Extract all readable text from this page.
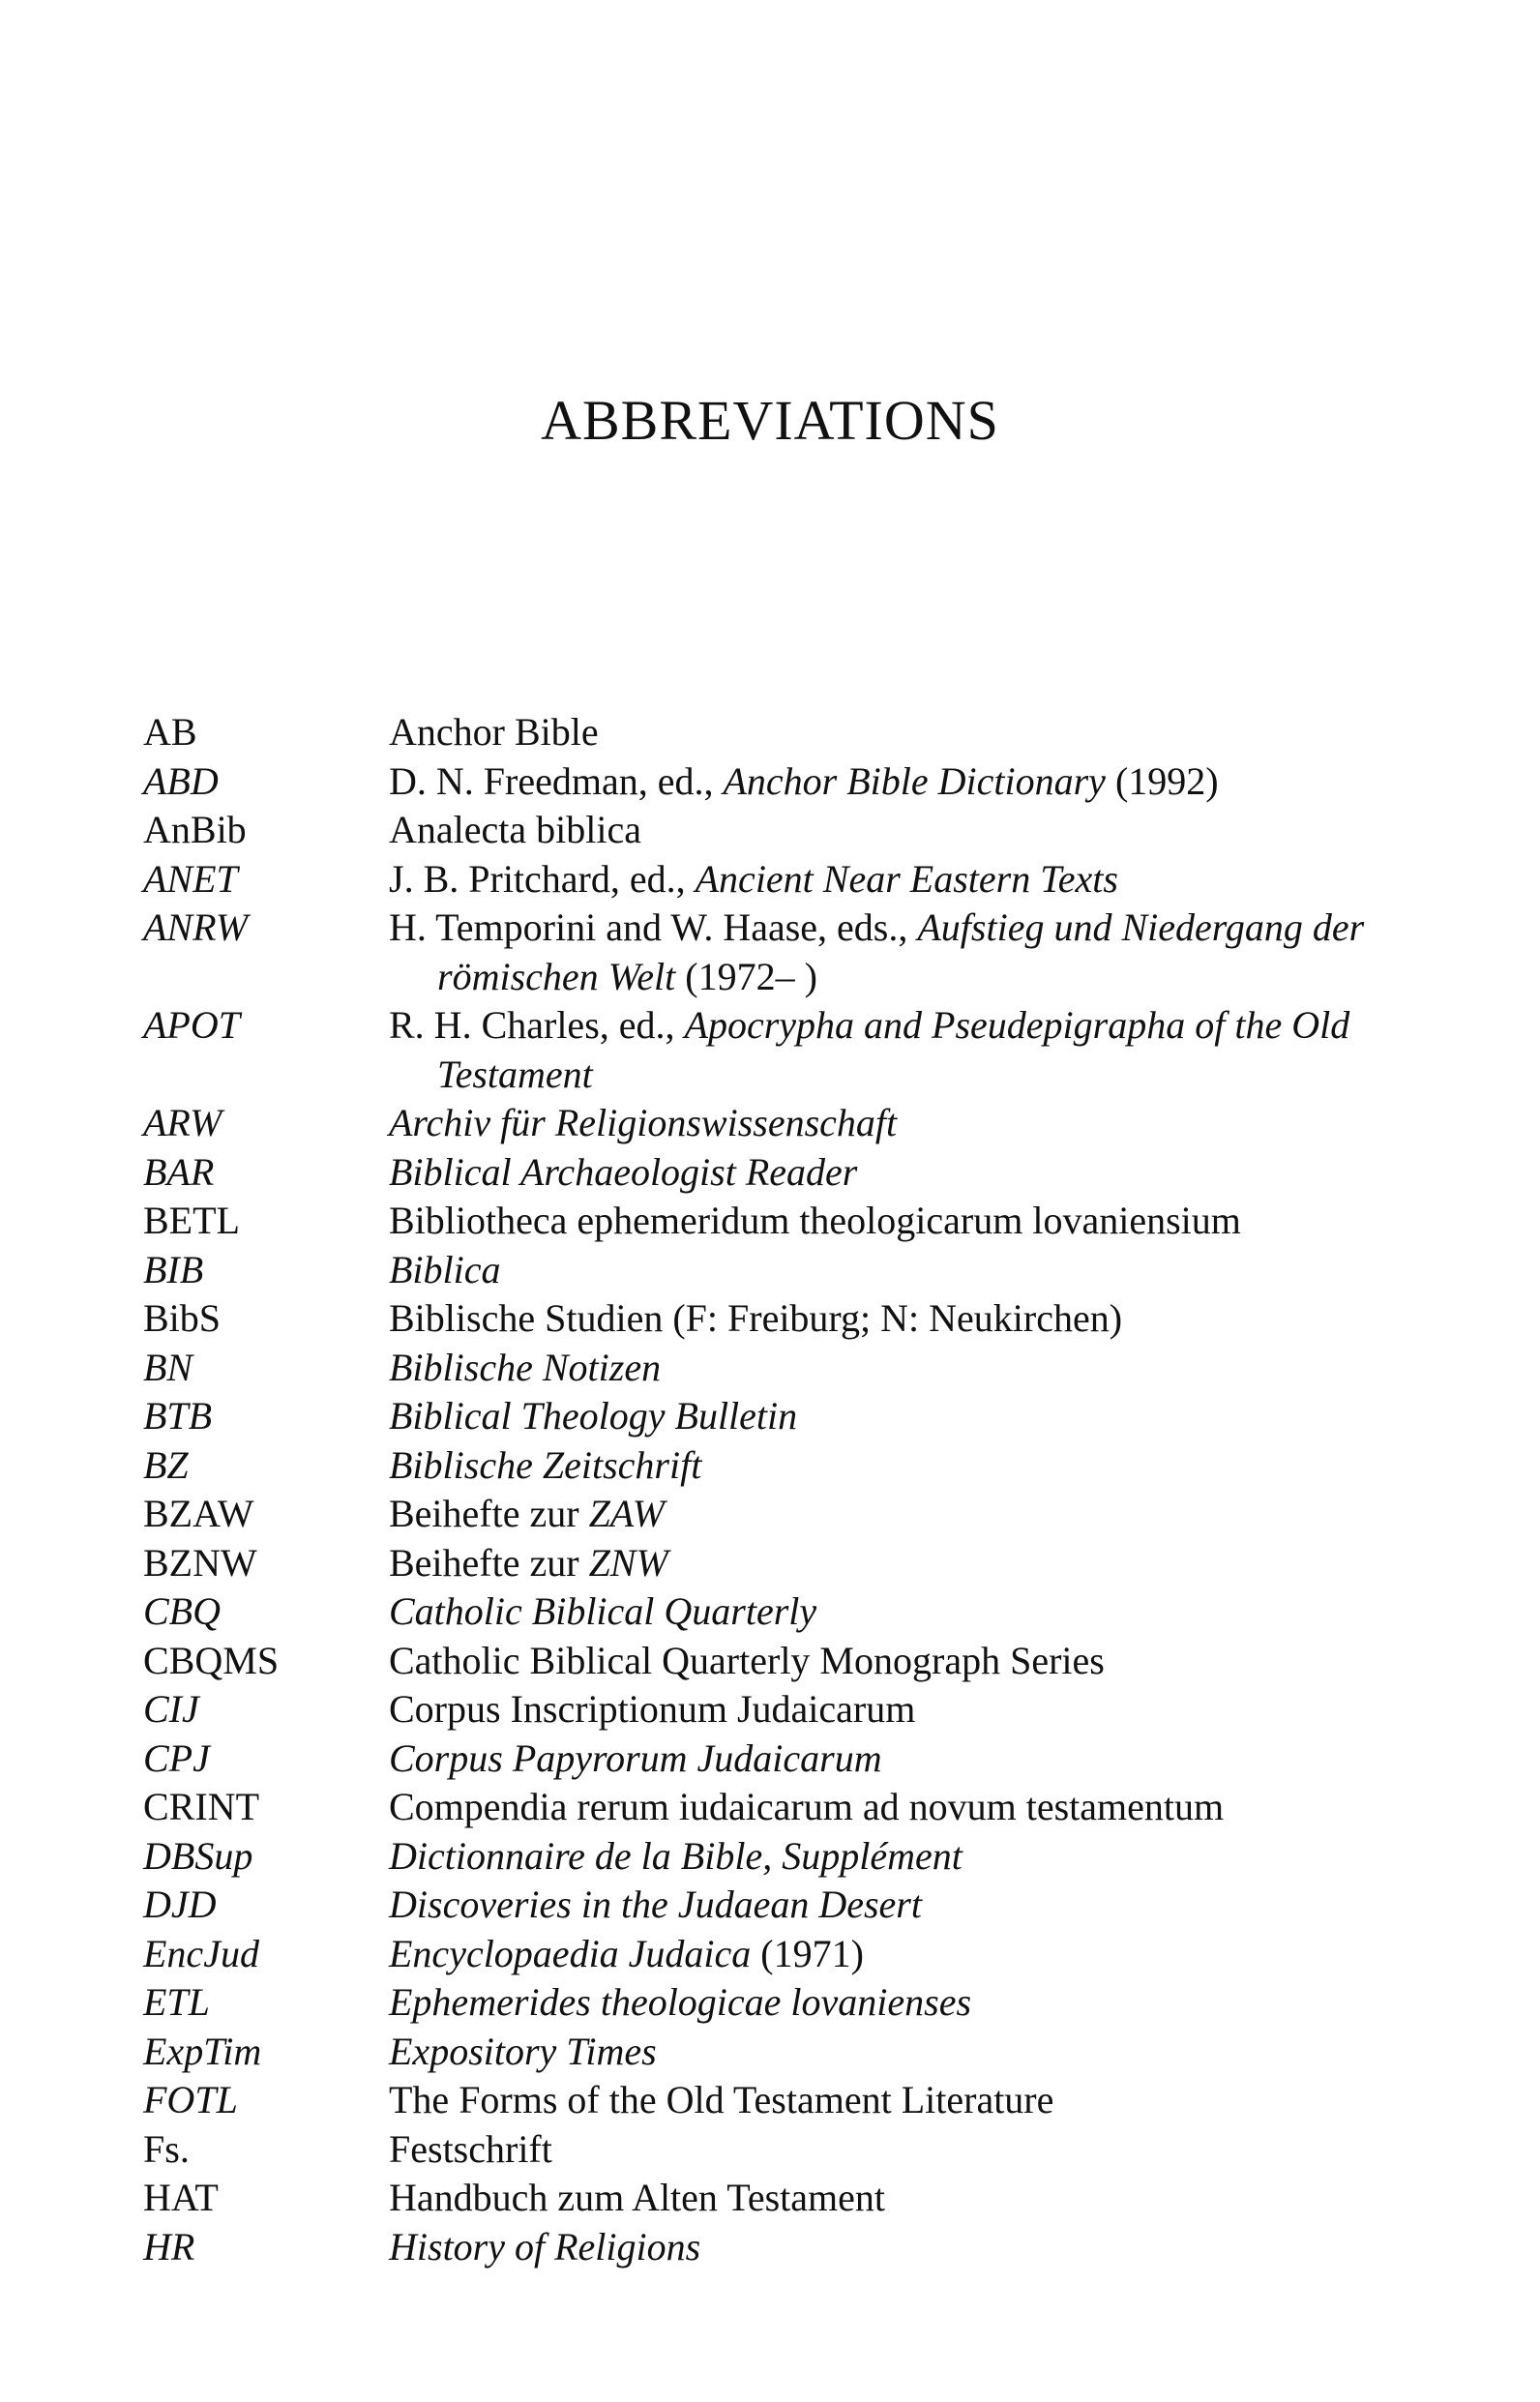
ABBREVIATIONS
AB	Anchor Bible
ABD	D. N. Freedman, ed., Anchor Bible Dictionary (1992)
AnBib	Analecta biblica
ANET	J. B. Pritchard, ed., Ancient Near Eastern Texts
ANRW	H. Temporini and W. Haase, eds., Aufstieg und Niedergang der römischen Welt (1972– )
APOT	R. H. Charles, ed., Apocrypha and Pseudepigrapha of the Old Testament
ARW	Archiv für Religionswissenschaft
BAR	Biblical Archaeologist Reader
BETL	Bibliotheca ephemeridum theologicarum lovaniensium
BIB	Biblica
BibS	Biblische Studien (F: Freiburg; N: Neukirchen)
BN	Biblische Notizen
BTB	Biblical Theology Bulletin
BZ	Biblische Zeitschrift
BZAW	Beihefte zur ZAW
BZNW	Beihefte zur ZNW
CBQ	Catholic Biblical Quarterly
CBQMS	Catholic Biblical Quarterly Monograph Series
CIJ	Corpus Inscriptionum Judaicarum
CPJ	Corpus Papyrorum Judaicarum
CRINT	Compendia rerum iudaicarum ad novum testamentum
DBSup	Dictionnaire de la Bible, Supplément
DJD	Discoveries in the Judaean Desert
EncJud	Encyclopaedia Judaica (1971)
ETL	Ephemerides theologicae lovanienses
ExpTim	Expository Times
FOTL	The Forms of the Old Testament Literature
Fs.	Festschrift
HAT	Handbuch zum Alten Testament
HR	History of Religions
